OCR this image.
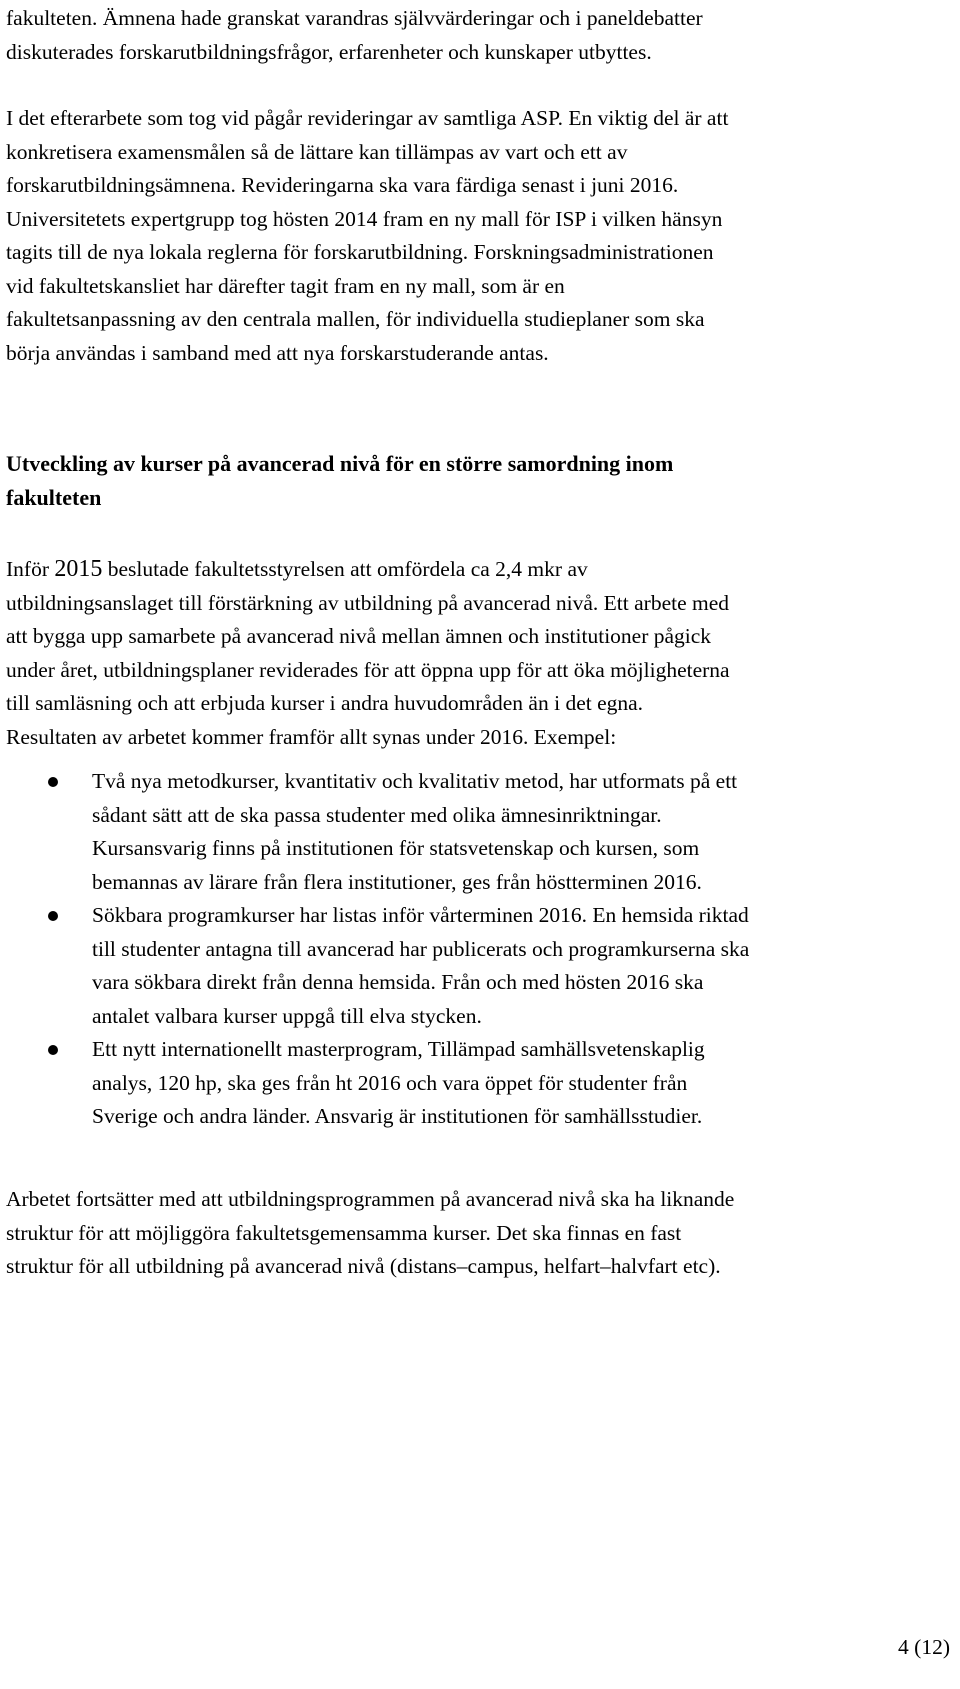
fakulteten. Ämnena hade granskat varandras självvärderingar och i paneldebatter
diskuterades forskarutbildningsfrågor, erfarenheter och kunskaper utbyttes.

I det efterarbete som tog vid pågår revideringar av samtliga ASP. En viktig del är att
konkretisera examensmålen så de lättare kan tillämpas av vart och ett av
forskarutbildningsämnena. Revideringarna ska vara färdiga senast i juni 2016.
Universitetets expertgrupp tog hösten 2014 fram en ny mall för ISP i vilken hänsyn
tagits till de nya lokala reglerna för forskarutbildning. Forskningsadministrationen
vid fakultetskansliet har därefter tagit fram en ny mall, som är en
fakultetsanpassning av den centrala mallen, för individuella studieplaner som ska
börja användas i samband med att nya forskarstuderande antas.

Utveckling av kurser på avancerad nivå för en större samordning inom
fakulteten

Inför 2015 beslutade fakultetsstyrelsen att omfördela ca 2,4 mkr av
utbildningsanslaget till förstärkning av utbildning på avancerad nivå. Ett arbete med
att bygga upp samarbete på avancerad nivå mellan ämnen och institutioner pågick
under året, utbildningsplaner reviderades för att öppna upp för att öka möjligheterna
till samläsning och att erbjuda kurser i andra huvudområden än i det egna.
Resultaten av arbetet kommer framför allt synas under 2016. Exempel:

Två nya metodkurser, kvantitativ och kvalitativ metod, har utformats på ett
sådant sätt att de ska passa studenter med olika ämnesinriktningar.
Kursansvarig finns på institutionen för statsvetenskap och kursen, som
bemannas av lärare från flera institutioner, ges från höstterminen 2016.
Sökbara programkurser har listas inför vårterminen 2016. En hemsida riktad
till studenter antagna till avancerad har publicerats och programkurserna ska
vara sökbara direkt från denna hemsida. Från och med hösten 2016 ska
antalet valbara kurser uppgå till elva stycken.
Ett nytt internationellt masterprogram, Tillämpad samhällsvetenskaplig
analys, 120 hp, ska ges från ht 2016 och vara öppet för studenter från
Sverige och andra länder. Ansvarig är institutionen för samhällsstudier.

Arbetet fortsätter med att utbildningsprogrammen på avancerad nivå ska ha liknande
struktur för att möjliggöra fakultetsgemensamma kurser. Det ska finnas en fast
struktur för all utbildning på avancerad nivå (distans–campus, helfart–halvfart etc).

4 (12)
